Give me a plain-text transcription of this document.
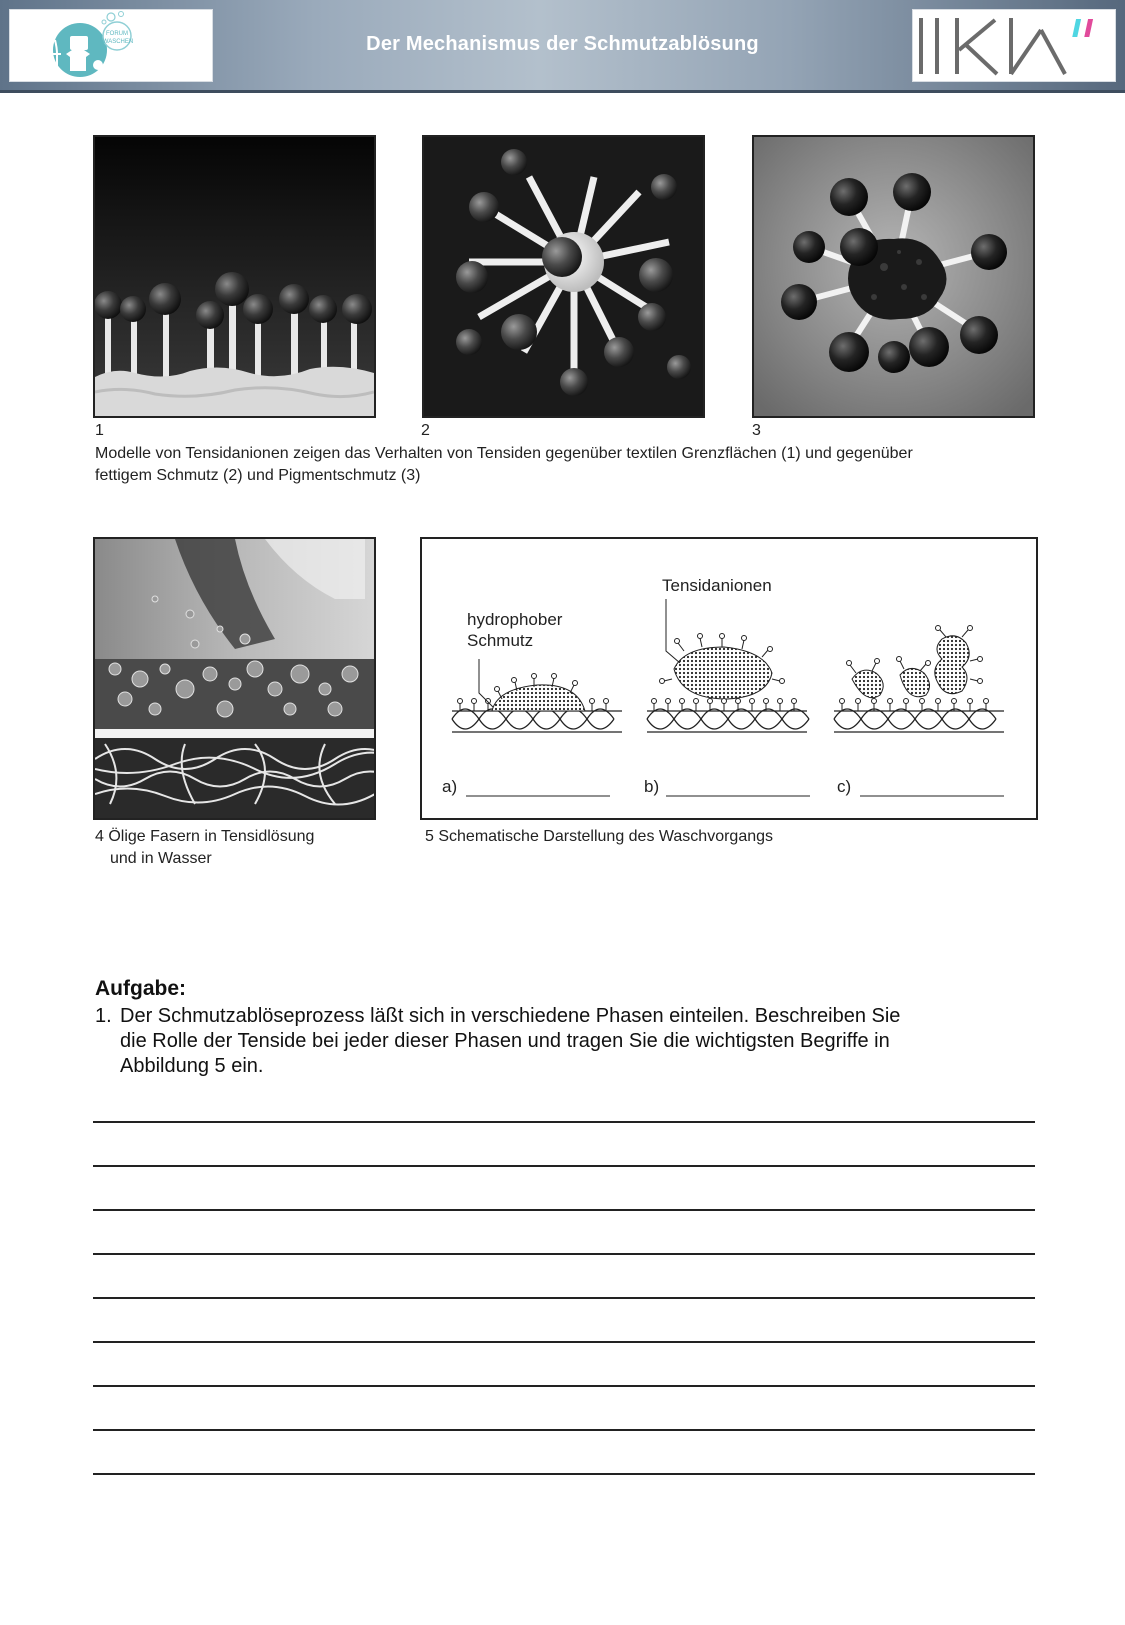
FORUM
WASCHEN	Der Mechanismus der Schmutzablösung
1	2	3
Modelle von Tensidanionen zeigen das Verhalten von Tensiden gegenüber textilen Grenzflächen (1) und gegenüber
fettigem Schmutz (2) und Pigmentschmutz (3)
4 Ölige Fasern in Tensidlösung
und in Wasser
Tensidanionen
hydrophober
Schmutz
a)	b)	c)
5 Schematische Darstellung des Waschvorgangs
Aufgabe:
1. Der Schmutzablöseprozess läßt sich in verschiedene Phasen einteilen. Beschreiben Sie
die Rolle der Tenside bei jeder dieser Phasen und tragen Sie die wichtigsten Begriffe in
Abbildung 5 ein.
